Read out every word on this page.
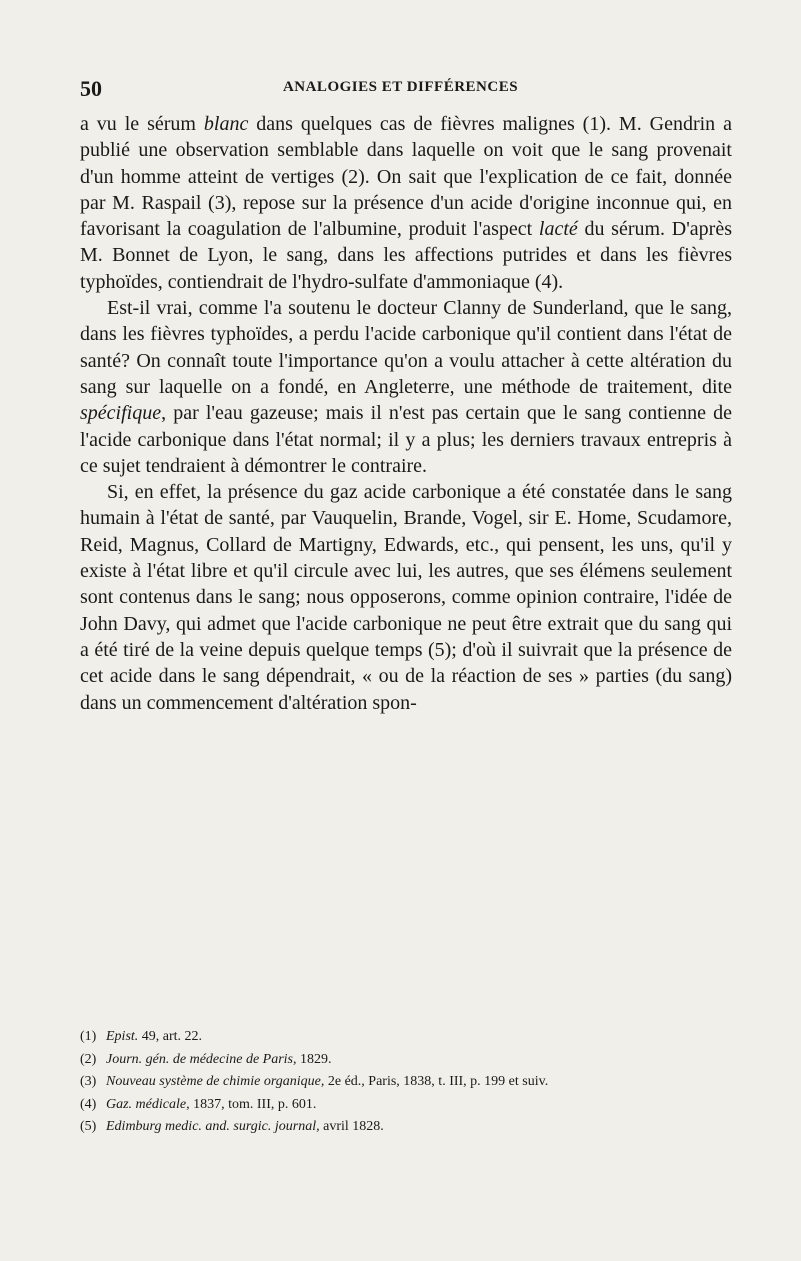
50	ANALOGIES ET DIFFÉRENCES

a vu le sérum blanc dans quelques cas de fièvres malignes (1). M. Gendrin a publié une observation semblable dans laquelle on voit que le sang provenait d'un homme atteint de vertiges (2). On sait que l'explication de ce fait, donnée par M. Raspail (3), repose sur la présence d'un acide d'origine inconnue qui, en favorisant la coagulation de l'albumine, produit l'aspect lacté du sérum. D'après M. Bonnet de Lyon, le sang, dans les affections putrides et dans les fièvres typhoïdes, contiendrait de l'hydro-sulfate d'ammoniaque (4).

Est-il vrai, comme l'a soutenu le docteur Clanny de Sunderland, que le sang, dans les fièvres typhoïdes, a perdu l'acide carbonique qu'il contient dans l'état de santé? On connaît toute l'importance qu'on a voulu attacher à cette altération du sang sur laquelle on a fondé, en Angleterre, une méthode de traitement, dite spécifique, par l'eau gazeuse; mais il n'est pas certain que le sang contienne de l'acide carbonique dans l'état normal; il y a plus; les derniers travaux entrepris à ce sujet tendraient à démontrer le contraire.

Si, en effet, la présence du gaz acide carbonique a été constatée dans le sang humain à l'état de santé, par Vauquelin, Brande, Vogel, sir E. Home, Scudamore, Reid, Magnus, Collard de Martigny, Edwards, etc., qui pensent, les uns, qu'il y existe à l'état libre et qu'il circule avec lui, les autres, que ses élémens seulement sont contenus dans le sang; nous opposerons, comme opinion contraire, l'idée de John Davy, qui admet que l'acide carbonique ne peut être extrait que du sang qui a été tiré de la veine depuis quelque temps (5); d'où il suivrait que la présence de cet acide dans le sang dépendrait, « ou de la réaction de ses » parties (du sang) dans un commencement d'altération spon-

(1) Epist. 49, art. 22.
(2) Journ. gén. de médecine de Paris, 1829.
(3) Nouveau système de chimie organique, 2e éd., Paris, 1838, t. III, p. 199 et suiv.
(4) Gaz. médicale, 1837, tom. III, p. 601.
(5) Edimburg medic. and. surgic. journal, avril 1828.
